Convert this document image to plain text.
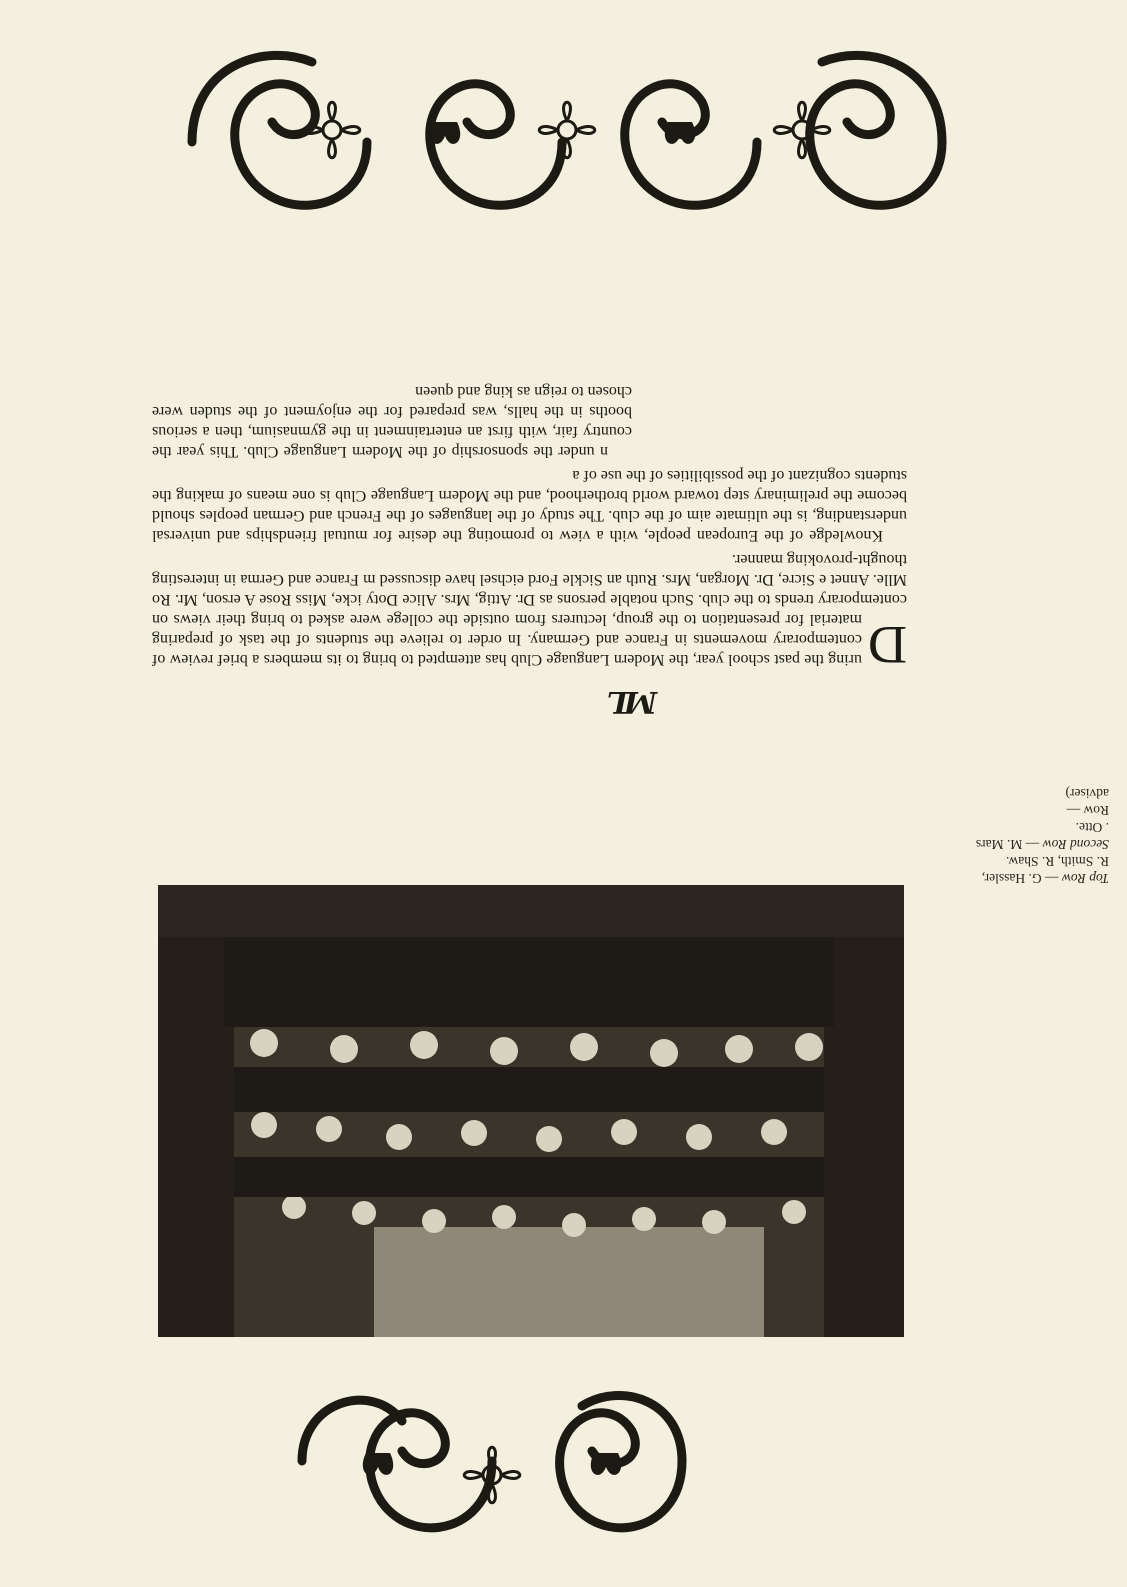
Top Row — G. Hassler,
R. Smith, R. Shaw.
Second Row — M. Mars
. Otte.
Row —
adviser)
ML

D
uring the past school year, the Modern Language Club has attempted to bring to its members a brief review of contemporary movements in France and Germany. In order to relieve the students of the task of preparing material for presentation to the group, lecturers from outside the college were asked to bring their views on contemporary trends to the club. Such notable persons as Dr. Attig, Mrs. Alice Doty icke, Miss Rose A erson, Mr. Ro Mlle. Annet e Sicre, Dr. Morgan, Mrs. Ruth an Sickle Ford eichsel have discussed m France and Germa in interesting thought-provoking manner.

Knowledge of the European people, with a view to promoting the desire for mutual friendships and universal understanding, is the ultimate aim of the club. The study of the languages of the French and German peoples should become the preliminary step toward world brotherhood, and the Modern Language Club is one means of making the students cognizant of the possibilities of the use of a

n under the sponsorship of the Modern Language Club. This year the country fair, with first an entertainment in the gymnasium, then a serious booths in the halls, was prepared for the enjoyment of the studen were chosen to reign as king and queen
